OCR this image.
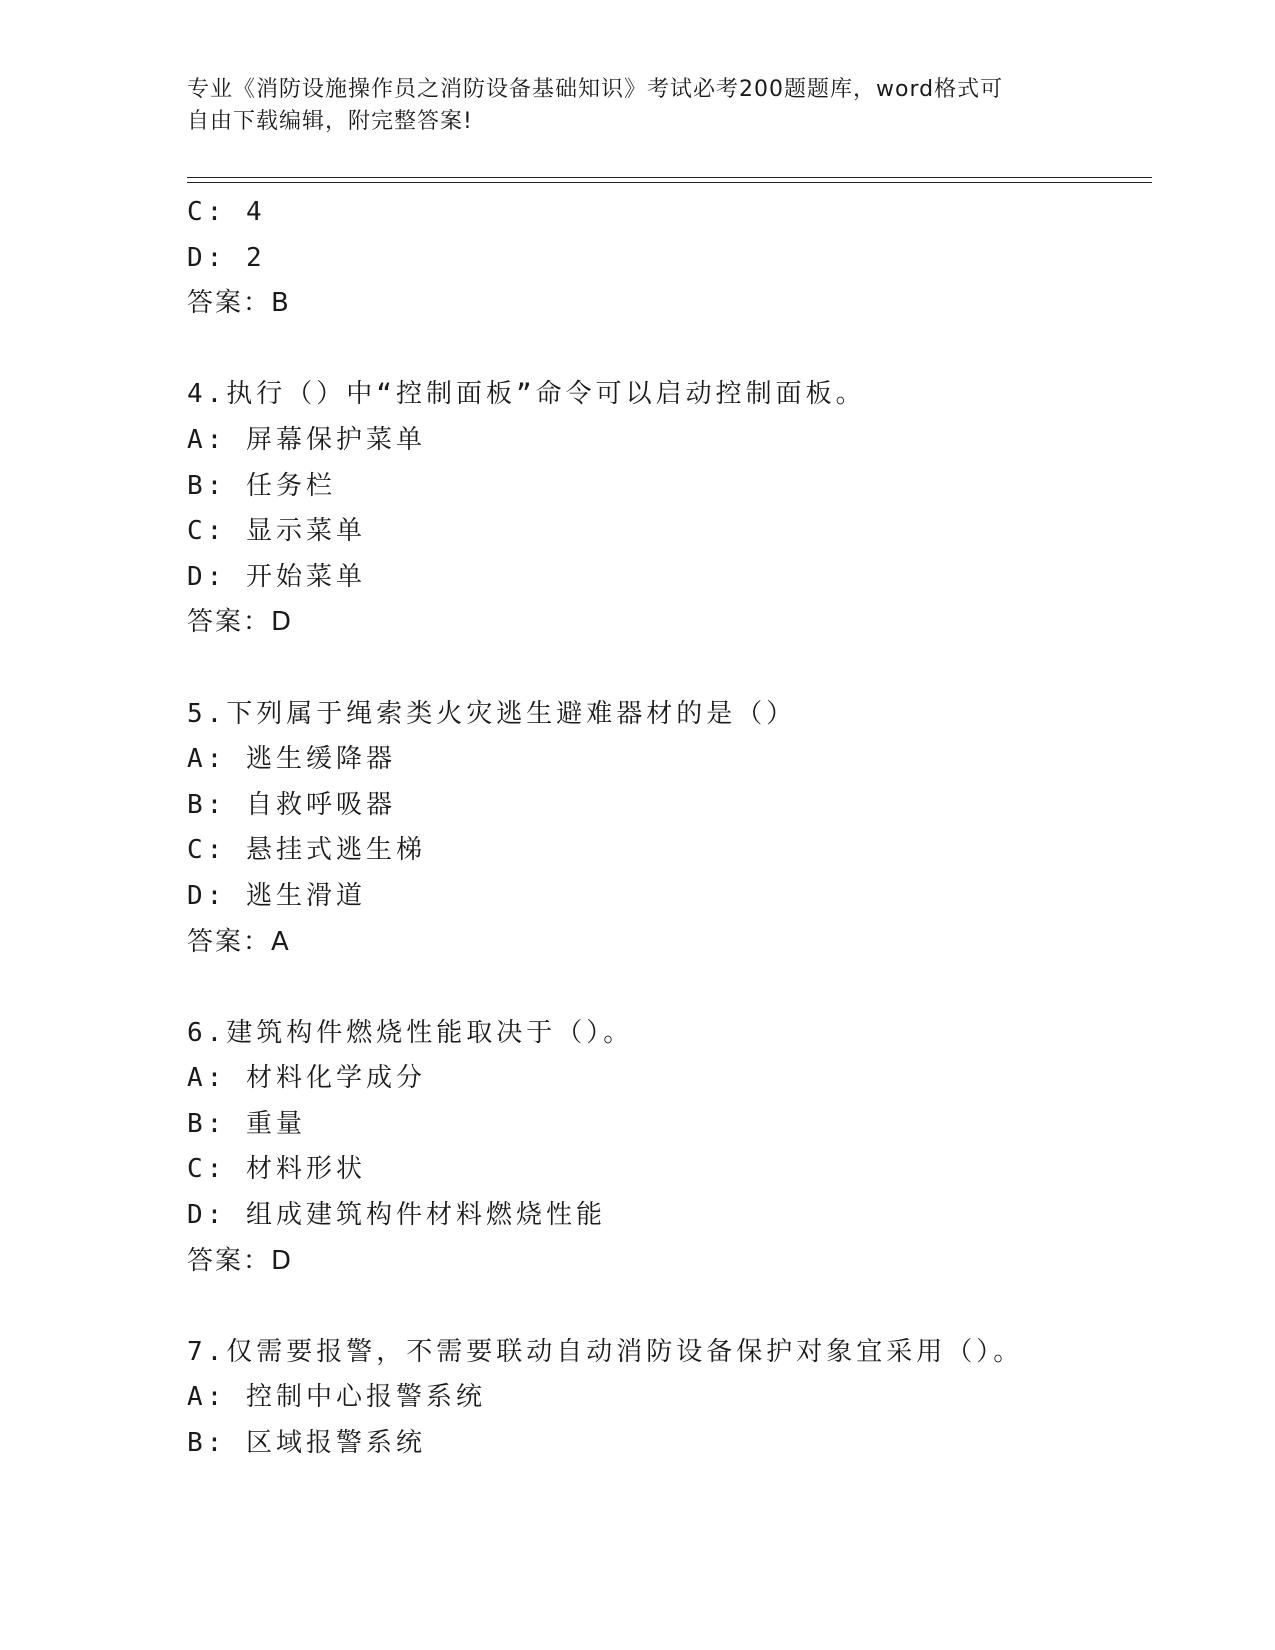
专业《消防设施操作员之消防设备基础知识》考试必考200题题库，word格式可
自由下载编辑，附完整答案!
C: 4
D: 2
答案：B
4.执行（）中“控制面板”命令可以启动控制面板。
A: 屏幕保护菜单
B: 任务栏
C: 显示菜单
D: 开始菜单
答案：D
5.下列属于绳索类火灾逃生避难器材的是（）
A: 逃生缓降器
B: 自救呼吸器
C: 悬挂式逃生梯
D: 逃生滑道
答案：A
6.建筑构件燃烧性能取决于（）。
A: 材料化学成分
B: 重量
C: 材料形状
D: 组成建筑构件材料燃烧性能
答案：D
7.仅需要报警，不需要联动自动消防设备保护对象宜采用（）。
A: 控制中心报警系统
B: 区域报警系统
